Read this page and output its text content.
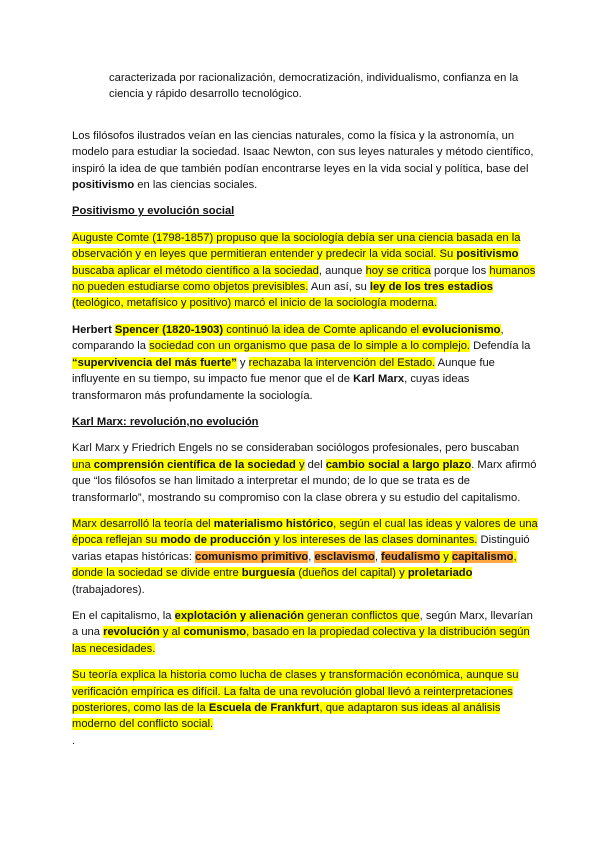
caracterizada por racionalización, democratización, individualismo, confianza en la ciencia y rápido desarrollo tecnológico.

Los filósofos ilustrados veían en las ciencias naturales, como la física y la astronomía, un modelo para estudiar la sociedad. Isaac Newton, con sus leyes naturales y método científico, inspiró la idea de que también podían encontrarse leyes en la vida social y política, base del positivismo en las ciencias sociales.

Positivismo y evolución social

Auguste Comte (1798-1857) propuso que la sociología debía ser una ciencia basada en la observación y en leyes que permitieran entender y predecir la vida social. Su positivismo buscaba aplicar el método científico a la sociedad, aunque hoy se critica porque los humanos no pueden estudiarse como objetos previsibles. Aun así, su ley de los tres estadios (teológico, metafísico y positivo) marcó el inicio de la sociología moderna.

Herbert Spencer (1820-1903) continuó la idea de Comte aplicando el evolucionismo, comparando la sociedad con un organismo que pasa de lo simple a lo complejo. Defendía la “supervivencia del más fuerte” y rechazaba la intervención del Estado. Aunque fue influyente en su tiempo, su impacto fue menor que el de Karl Marx, cuyas ideas transformaron más profundamente la sociología.

Karl Marx: revolución,no evolución

Karl Marx y Friedrich Engels no se consideraban sociólogos profesionales, pero buscaban una comprensión científica de la sociedad y del cambio social a largo plazo. Marx afirmó que “los filósofos se han limitado a interpretar el mundo; de lo que se trata es de transformarlo”, mostrando su compromiso con la clase obrera y su estudio del capitalismo.

Marx desarrolló la teoría del materialismo histórico, según el cual las ideas y valores de una época reflejan su modo de producción y los intereses de las clases dominantes. Distinguió varias etapas históricas: comunismo primitivo, esclavismo, feudalismo y capitalismo, donde la sociedad se divide entre burguesía (dueños del capital) y proletariado (trabajadores).

En el capitalismo, la explotación y alienación generan conflictos que, según Marx, llevarían a una revolución y al comunismo, basado en la propiedad colectiva y la distribución según las necesidades.

Su teoría explica la historia como lucha de clases y transformación económica, aunque su verificación empírica es difícil. La falta de una revolución global llevó a reinterpretaciones posteriores, como las de la Escuela de Frankfurt, que adaptaron sus ideas al análisis moderno del conflicto social.

.
